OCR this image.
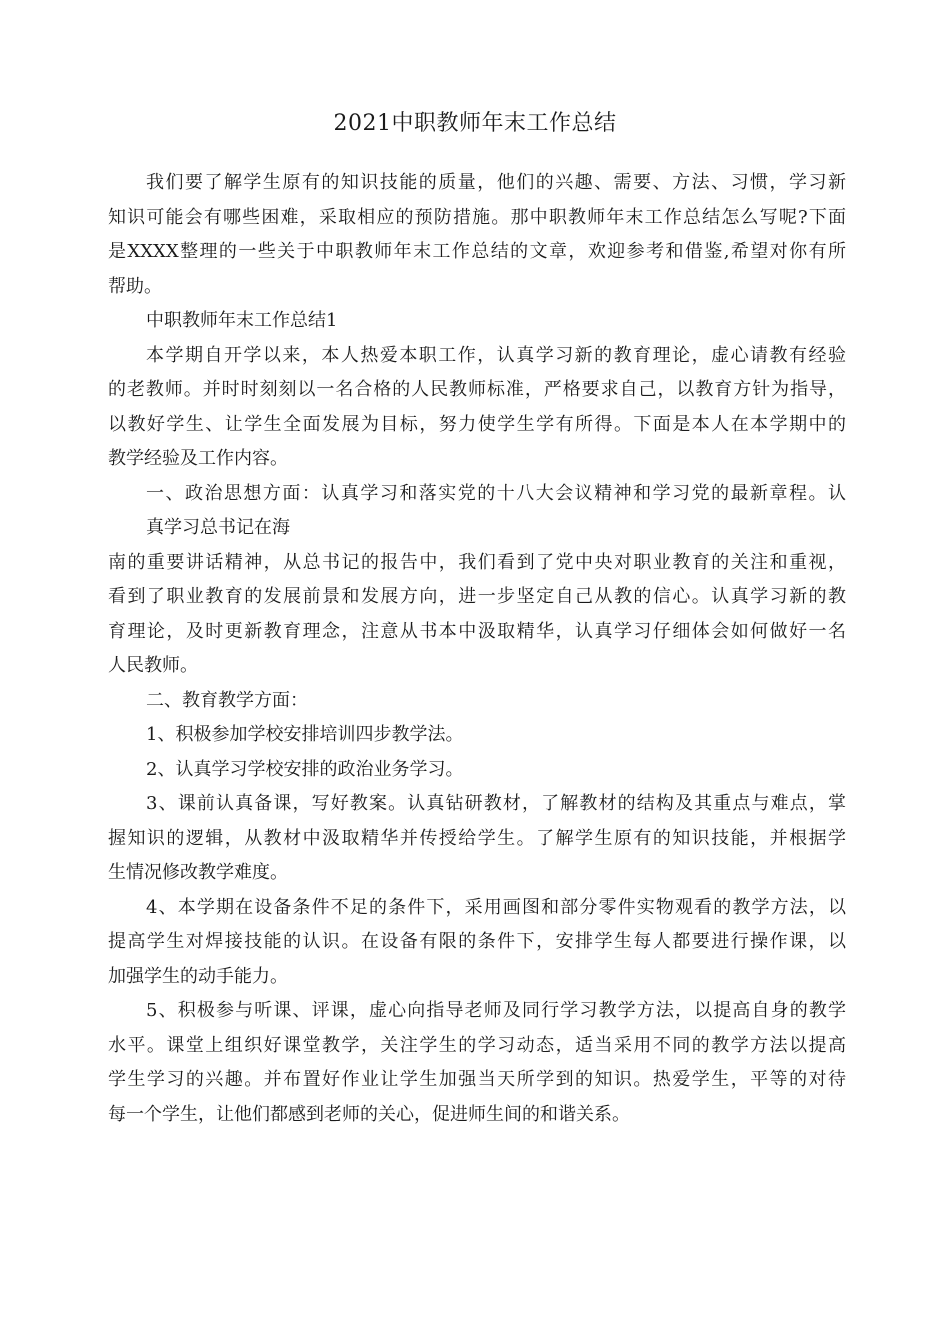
2021中职教师年末工作总结
我们要了解学生原有的知识技能的质量，他们的兴趣、需要、方法、习惯，学习新
知识可能会有哪些困难，采取相应的预防措施。那中职教师年末工作总结怎么写呢?下面
是XXXX整理的一些关于中职教师年末工作总结的文章，欢迎参考和借鉴,希望对你有所
帮助。
中职教师年末工作总结1
本学期自开学以来，本人热爱本职工作，认真学习新的教育理论，虚心请教有经验
的老教师。并时时刻刻以一名合格的人民教师标准，严格要求自己，以教育方针为指导，
以教好学生、让学生全面发展为目标，努力使学生学有所得。下面是本人在本学期中的
教学经验及工作内容。
一、政治思想方面：认真学习和落实党的十八大会议精神和学习党的最新章程。认
真学习总书记在海
南的重要讲话精神，从总书记的报告中，我们看到了党中央对职业教育的关注和重视，
看到了职业教育的发展前景和发展方向，进一步坚定自己从教的信心。认真学习新的教
育理论，及时更新教育理念，注意从书本中汲取精华，认真学习仔细体会如何做好一名
人民教师。
二、教育教学方面：
1、积极参加学校安排培训四步教学法。
2、认真学习学校安排的政治业务学习。
3、课前认真备课，写好教案。认真钻研教材，了解教材的结构及其重点与难点，掌
握知识的逻辑，从教材中汲取精华并传授给学生。了解学生原有的知识技能，并根据学
生情况修改教学难度。
4、本学期在设备条件不足的条件下，采用画图和部分零件实物观看的教学方法，以
提高学生对焊接技能的认识。在设备有限的条件下，安排学生每人都要进行操作课，以
加强学生的动手能力。
5、积极参与听课、评课，虚心向指导老师及同行学习教学方法，以提高自身的教学
水平。课堂上组织好课堂教学，关注学生的学习动态，适当采用不同的教学方法以提高
学生学习的兴趣。并布置好作业让学生加强当天所学到的知识。热爱学生，平等的对待
每一个学生，让他们都感到老师的关心，促进师生间的和谐关系。
